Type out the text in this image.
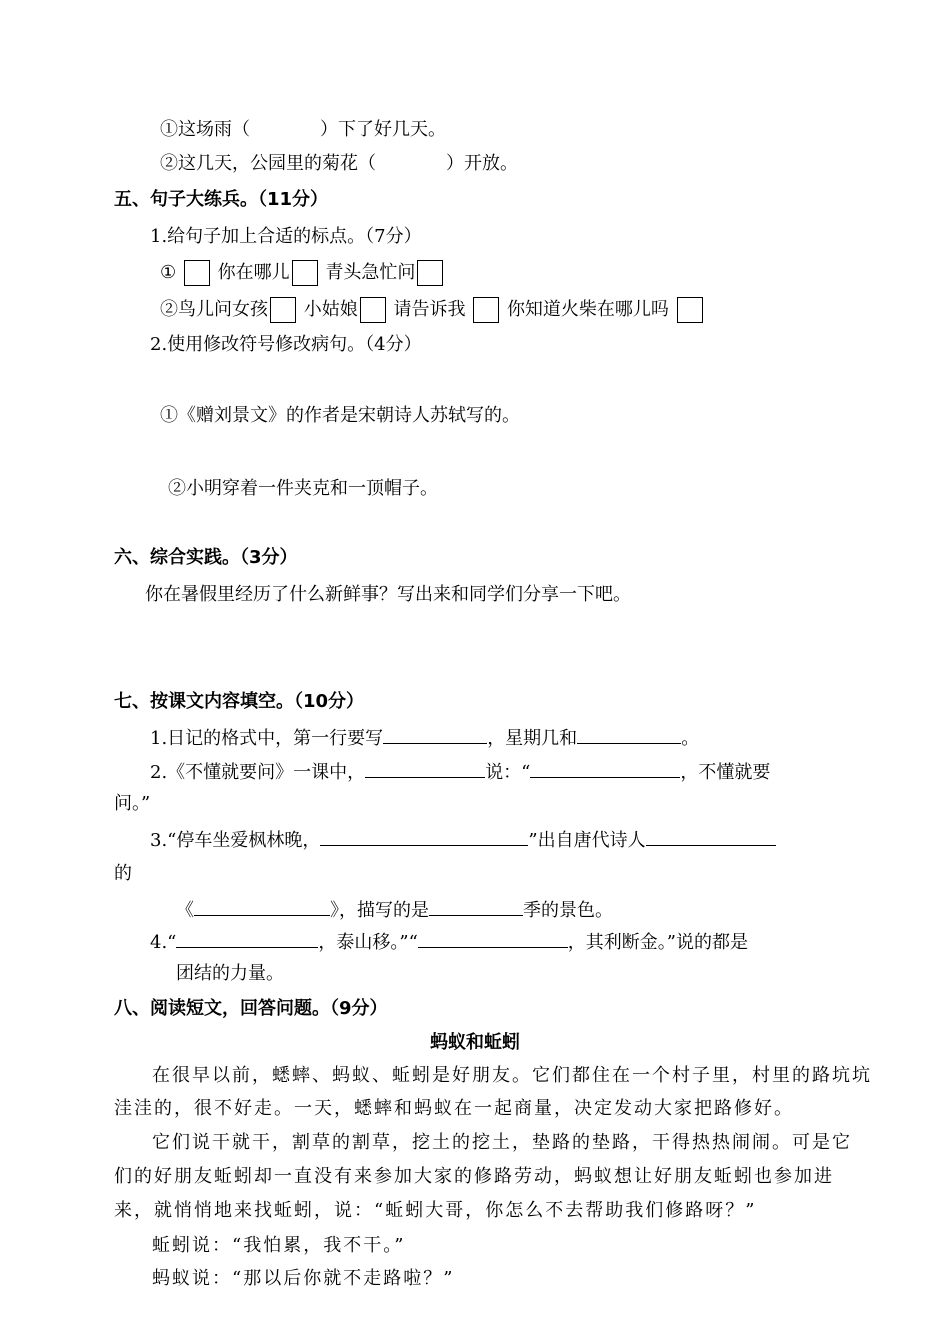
①这场雨（	）下了好几天。
②这几天，公园里的菊花（	）开放。
五、句子大练兵。（11分）
1.给句子加上合适的标点。（7分）
① 你在哪儿 青头急忙问
②鸟儿问女孩 小姑娘 请告诉我 你知道火柴在哪儿吗
2.使用修改符号修改病句。（4分）
①《赠刘景文》的作者是宋朝诗人苏轼写的。
②小明穿着一件夹克和一顶帽子。
六、综合实践。（3分）
你在暑假里经历了什么新鲜事？写出来和同学们分享一下吧。
七、按课文内容填空。（10分）
1.日记的格式中，第一行要写	，星期几和	。
2.《不懂就要问》一课中，	说：“	，不懂就要
问。”
3.“停车坐爱枫林晚，	”出自唐代诗人
的
《	》，描写的是	季的景色。
4.“	，泰山移。”“	，其利断金。”说的都是
团结的力量。
八、阅读短文，回答问题。（9分）
蚂蚁和蚯蚓
在很早以前，蟋蟀、蚂蚁、蚯蚓是好朋友。它们都住在一个村子里，村里的路坑坑
洼洼的，很不好走。一天，蟋蟀和蚂蚁在一起商量，决定发动大家把路修好。
它们说干就干，割草的割草，挖土的挖土，垫路的垫路，干得热热闹闹。可是它
们的好朋友蚯蚓却一直没有来参加大家的修路劳动，蚂蚁想让好朋友蚯蚓也参加进
来，就悄悄地来找蚯蚓，说：“蚯蚓大哥，你怎么不去帮助我们修路呀？”
蚯蚓说：“我怕累，我不干。”
蚂蚁说：“那以后你就不走路啦？”
